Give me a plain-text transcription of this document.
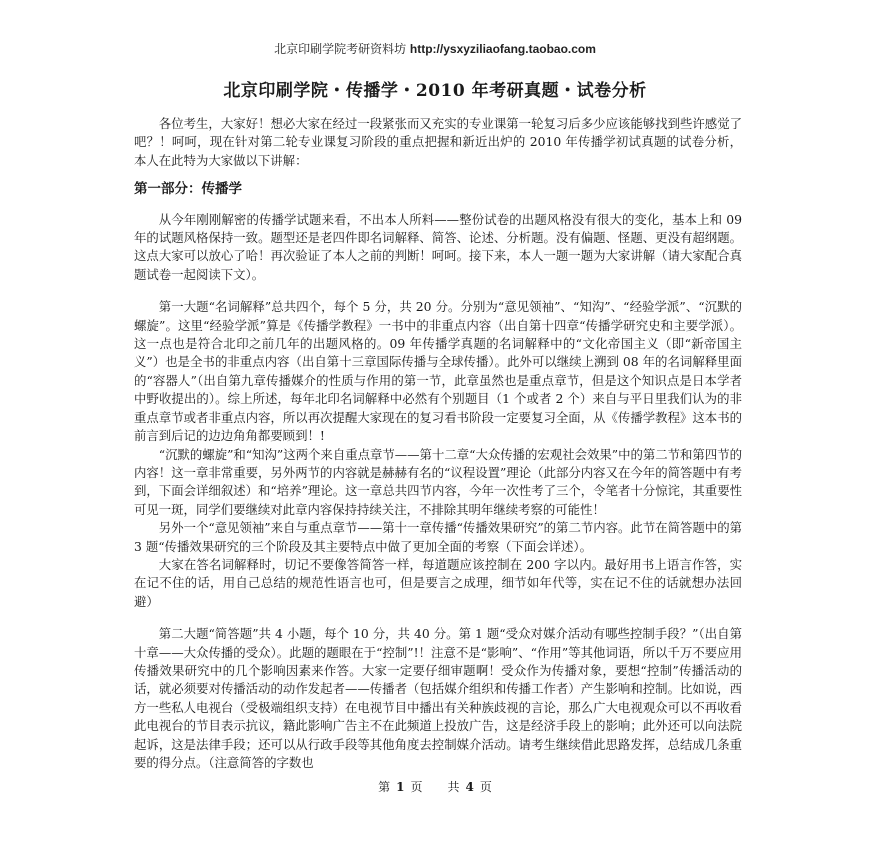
北京印刷学院考研资料坊 http://ysxyziliaofang.taobao.com
北京印刷学院・传播学・2010 年考研真题・试卷分析

各位考生，大家好！想必大家在经过一段紧张而又充实的专业课第一轮复习后多少应该能够找到些许感觉了吧？！呵呵，现在针对第二轮专业课复习阶段的重点把握和新近出炉的 2010 年传播学初试真题的试卷分析，本人在此特为大家做以下讲解：

第一部分：传播学

从今年刚刚解密的传播学试题来看，不出本人所料——整份试卷的出题风格没有很大的变化，基本上和 09 年的试题风格保持一致。题型还是老四件即名词解释、简答、论述、分析题。没有偏题、怪题、更没有超纲题。这点大家可以放心了哈！再次验证了本人之前的判断！呵呵。接下来，本人一题一题为大家讲解（请大家配合真题试卷一起阅读下文）。

第一大题“名词解释”总共四个，每个 5 分，共 20 分。分别为“意见领袖”、“知沟”、“经验学派”、“沉默的螺旋”。这里“经验学派”算是《传播学教程》一书中的非重点内容（出自第十四章“传播学研究史和主要学派）。这一点也是符合北印之前几年的出题风格的。09 年传播学真题的名词解释中的“文化帝国主义（即“新帝国主义”）也是全书的非重点内容（出自第十三章国际传播与全球传播）。此外可以继续上溯到 08 年的名词解释里面的“容器人”（出自第九章传播媒介的性质与作用的第一节，此章虽然也是重点章节，但是这个知识点是日本学者中野收提出的）。综上所述，每年北印名词解释中必然有个别题目（1 个或者 2 个）来自与平日里我们认为的非重点章节或者非重点内容，所以再次提醒大家现在的复习看书阶段一定要复习全面，从《传播学教程》这本书的前言到后记的边边角角都要顾到！!

“沉默的螺旋”和“知沟”这两个来自重点章节——第十二章“大众传播的宏观社会效果”中的第二节和第四节的内容！这一章非常重要，另外两节的内容就是赫赫有名的“议程设置”理论（此部分内容又在今年的简答题中有考到，下面会详细叙述）和“培养”理论。这一章总共四节内容，今年一次性考了三个，令笔者十分惊诧，其重要性可见一斑，同学们要继续对此章内容保持持续关注，不排除其明年继续考察的可能性！

另外一个“意见领袖”来自与重点章节——第十一章传播“传播效果研究”的第二节内容。此节在简答题中的第 3 题“传播效果研究的三个阶段及其主要特点中做了更加全面的考察（下面会详述）。

大家在答名词解释时，切记不要像答简答一样，每道题应该控制在 200 字以内。最好用书上语言作答，实在记不住的话，用自己总结的规范性语言也可，但是要言之成理，细节如年代等，实在记不住的话就想办法回避）

第二大题“简答题”共 4 小题，每个 10 分，共 40 分。第 1 题“受众对媒介活动有哪些控制手段？”（出自第十章——大众传播的受众）。此题的题眼在于“控制”!！注意不是“影响”、“作用”等其他词语，所以千万不要应用传播效果研究中的几个影响因素来作答。大家一定要仔细审题啊！受众作为传播对象，要想“控制”传播活动的话，就必须要对传播活动的动作发起者——传播者（包括媒介组织和传播工作者）产生影响和控制。比如说，西方一些私人电视台（受极端组织支持）在电视节目中播出有关种族歧视的言论，那么广大电视观众可以不再收看此电视台的节目表示抗议，籍此影响广告主不在此频道上投放广告，这是经济手段上的影响；此外还可以向法院起诉，这是法律手段；还可以从行政手段等其他角度去控制媒介活动。请考生继续借此思路发挥，总结成几条重要的得分点。（注意简答的字数也

第 1 页 共 4 页
